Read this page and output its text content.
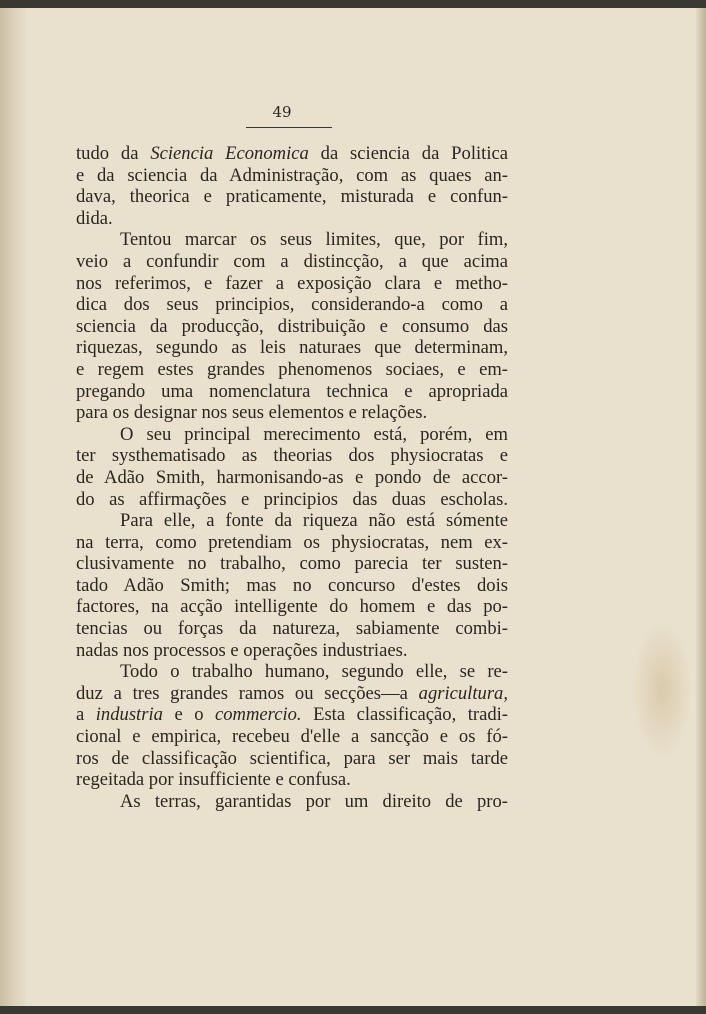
49
tudo da Sciencia Economica da sciencia da Politica
e da sciencia da Administração, com as quaes an-
dava, theorica e praticamente, misturada e confun-
dida.
Tentou marcar os seus limites, que, por fim,
veio a confundir com a distincção, a que acima
nos referimos, e fazer a exposição clara e metho-
dica dos seus principios, considerando-a como a
sciencia da producção, distribuição e consumo das
riquezas, segundo as leis naturaes que determinam,
e regem estes grandes phenomenos sociaes, e em-
pregando uma nomenclatura technica e apropriada
para os designar nos seus elementos e relações.
O seu principal merecimento está, porém, em
ter systhematisado as theorias dos physiocratas e
de Adão Smith, harmonisando-as e pondo de accor-
do as affirmações e principios das duas escholas.
Para elle, a fonte da riqueza não está sómente
na terra, como pretendiam os physiocratas, nem ex-
clusivamente no trabalho, como parecia ter susten-
tado Adão Smith; mas no concurso d'estes dois
factores, na acção intelligente do homem e das po-
tencias ou forças da natureza, sabiamente combi-
nadas nos processos e operações industriaes.
Todo o trabalho humano, segundo elle, se re-
duz a tres grandes ramos ou secções—a agricultura,
a industria e o commercio. Esta classificação, tradi-
cional e empirica, recebeu d'elle a sancção e os fó-
ros de classificação scientifica, para ser mais tarde
regeitada por insufficiente e confusa.
As terras, garantidas por um direito de pro-
